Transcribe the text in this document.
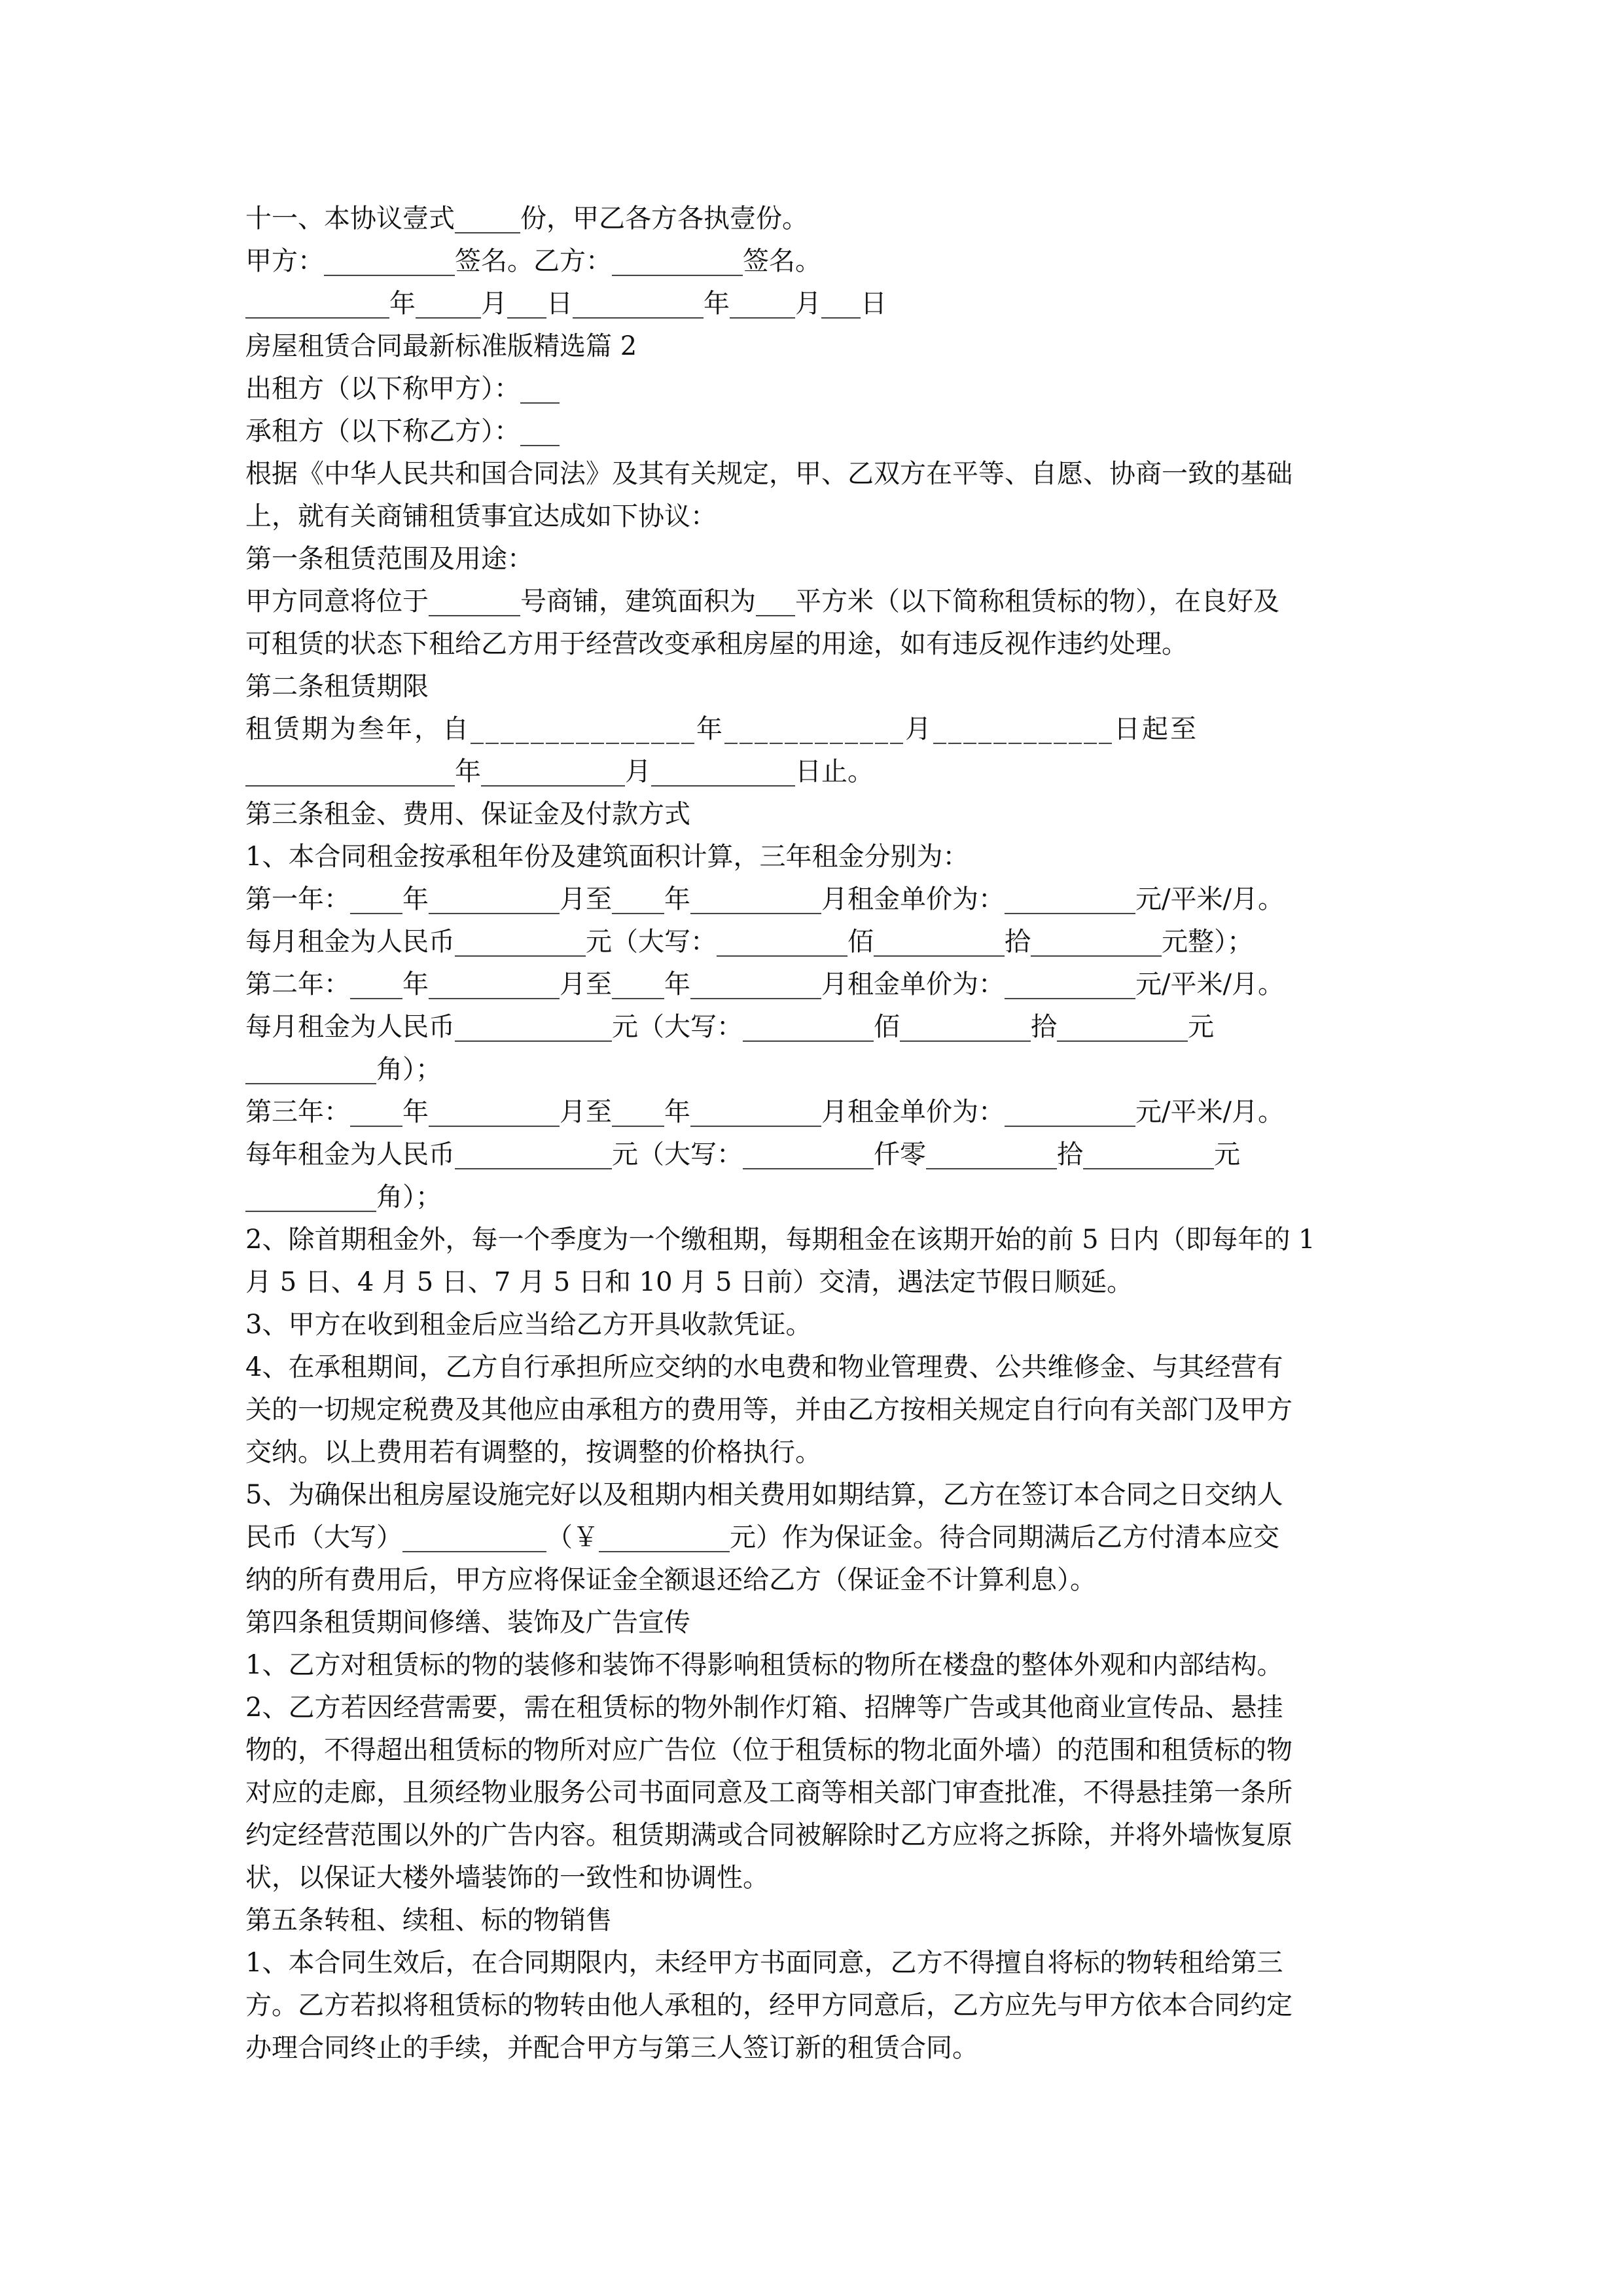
十一、本协议壹式_____份，甲乙各方各执壹份。
甲方：__________签名。乙方：__________签名。
___________年_____月___日__________年_____月___日
房屋租赁合同最新标准版精选篇 2
出租方（以下称甲方）：___
承租方（以下称乙方）：___
根据《中华人民共和国合同法》及其有关规定，甲、乙双方在平等、自愿、协商一致的基础
上，就有关商铺租赁事宜达成如下协议：
第一条租赁范围及用途：
甲方同意将位于_______号商铺，建筑面积为___平方米（以下简称租赁标的物），在良好及
可租赁的状态下租给乙方用于经营改变承租房屋的用途，如有违反视作违约处理。
第二条租赁期限
租赁期为叁年，自_______________年____________月____________日起至
________________年___________月___________日止。
第三条租金、费用、保证金及付款方式
1、本合同租金按承租年份及建筑面积计算，三年租金分别为：
第一年：____年__________月至____年__________月租金单价为：__________元/平米/月。
每月租金为人民币__________元（大写：__________佰__________拾__________元整）；
第二年：____年__________月至____年__________月租金单价为：__________元/平米/月。
每月租金为人民币____________元（大写：__________佰__________拾__________元
__________角）；
第三年：____年__________月至____年__________月租金单价为：__________元/平米/月。
每年租金为人民币____________元（大写：__________仟零__________拾__________元
__________角）；
2、除首期租金外，每一个季度为一个缴租期，每期租金在该期开始的前 5 日内（即每年的 1
月 5 日、4 月 5 日、7 月 5 日和 10 月 5 日前）交清，遇法定节假日顺延。
3、甲方在收到租金后应当给乙方开具收款凭证。
4、在承租期间，乙方自行承担所应交纳的水电费和物业管理费、公共维修金、与其经营有
关的一切规定税费及其他应由承租方的费用等，并由乙方按相关规定自行向有关部门及甲方
交纳。以上费用若有调整的，按调整的价格执行。
5、为确保出租房屋设施完好以及租期内相关费用如期结算，乙方在签订本合同之日交纳人
民币（大写）___________（￥__________元）作为保证金。待合同期满后乙方付清本应交
纳的所有费用后，甲方应将保证金全额退还给乙方（保证金不计算利息）。
第四条租赁期间修缮、装饰及广告宣传
1、乙方对租赁标的物的装修和装饰不得影响租赁标的物所在楼盘的整体外观和内部结构。
2、乙方若因经营需要，需在租赁标的物外制作灯箱、招牌等广告或其他商业宣传品、悬挂
物的，不得超出租赁标的物所对应广告位（位于租赁标的物北面外墙）的范围和租赁标的物
对应的走廊，且须经物业服务公司书面同意及工商等相关部门审查批准，不得悬挂第一条所
约定经营范围以外的广告内容。租赁期满或合同被解除时乙方应将之拆除，并将外墙恢复原
状，以保证大楼外墙装饰的一致性和协调性。
第五条转租、续租、标的物销售
1、本合同生效后，在合同期限内，未经甲方书面同意，乙方不得擅自将标的物转租给第三
方。乙方若拟将租赁标的物转由他人承租的，经甲方同意后，乙方应先与甲方依本合同约定
办理合同终止的手续，并配合甲方与第三人签订新的租赁合同。
